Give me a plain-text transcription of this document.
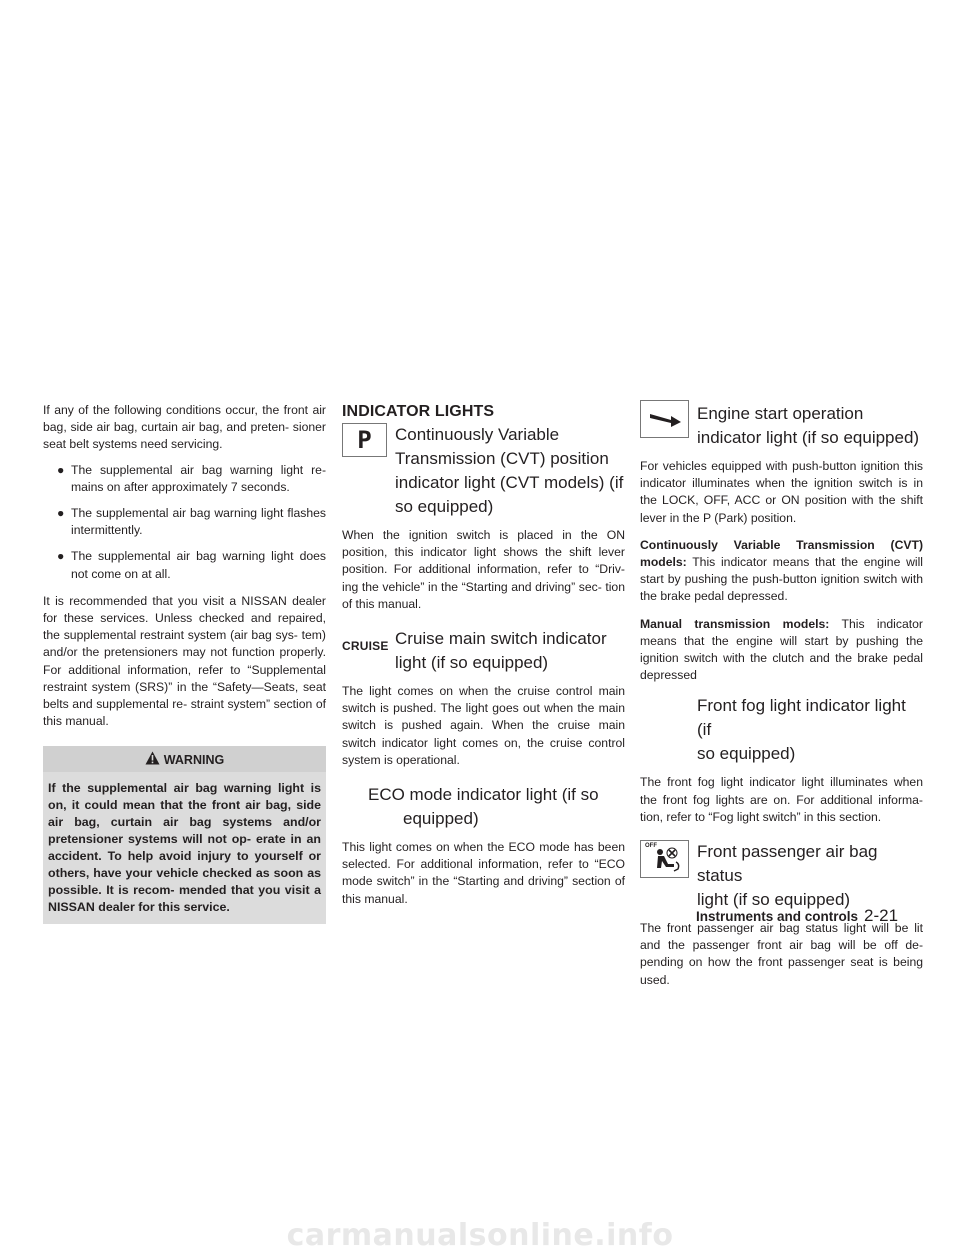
If any of the following conditions occur, the front air bag, side air bag, curtain air bag, and preten- sioner seat belt systems need servicing.

● The supplemental air bag warning light re- mains on after approximately 7 seconds.
● The supplemental air bag warning light flashes intermittently.
● The supplemental air bag warning light does not come on at all.

It is recommended that you visit a NISSAN dealer for these services. Unless checked and repaired, the supplemental restraint system (air bag sys- tem) and/or the pretensioners may not function properly. For additional information, refer to “Supplemental restraint system (SRS)” in the “Safety—Seats, seat belts and supplemental re- straint system” section of this manual.

WARNING

If the supplemental air bag warning light is on, it could mean that the front air bag, side air bag, curtain air bag systems and/or pretensioner systems will not op- erate in an accident. To help avoid injury to yourself or others, have your vehicle checked as soon as possible. It is recom- mended that you visit a NISSAN dealer for this service.

INDICATOR LIGHTS
P Continuously Variable
Transmission (CVT) position
indicator light (CVT models) (if
so equipped)

When the ignition switch is placed in the ON position, this indicator light shows the shift lever position. For additional information, refer to “Driv- ing the vehicle” in the “Starting and driving” sec- tion of this manual.

CRUISE Cruise main switch indicator
light (if so equipped)

The light comes on when the cruise control main switch is pushed. The light goes out when the main switch is pushed again. When the cruise main switch indicator light comes on, the cruise control system is operational.

ECO mode indicator light (if so
equipped)

This light comes on when the ECO mode has been selected. For additional information, refer to “ECO mode switch” in the “Starting and driving” section of this manual.

Engine start operation
indicator light (if so equipped)

For vehicles equipped with push-button ignition this indicator illuminates when the ignition switch is in the LOCK, OFF, ACC or ON position with the shift lever in the P (Park) position.

Continuously Variable Transmission (CVT) models: This indicator means that the engine will start by pushing the push-button ignition switch with the brake pedal depressed.

Manual transmission models: This indicator means that the engine will start by pushing the ignition switch with the clutch and the brake pedal depressed

Front fog light indicator light (if
so equipped)

The front fog light indicator light illuminates when the front fog lights are on. For additional informa- tion, refer to “Fog light switch” in this section.

OFF Front passenger air bag status
light (if so equipped)

The front passenger air bag status light will be lit and the passenger front air bag will be off de- pending on how the front passenger seat is being used.

Instruments and controls 2-21
carmanualsonline.info
